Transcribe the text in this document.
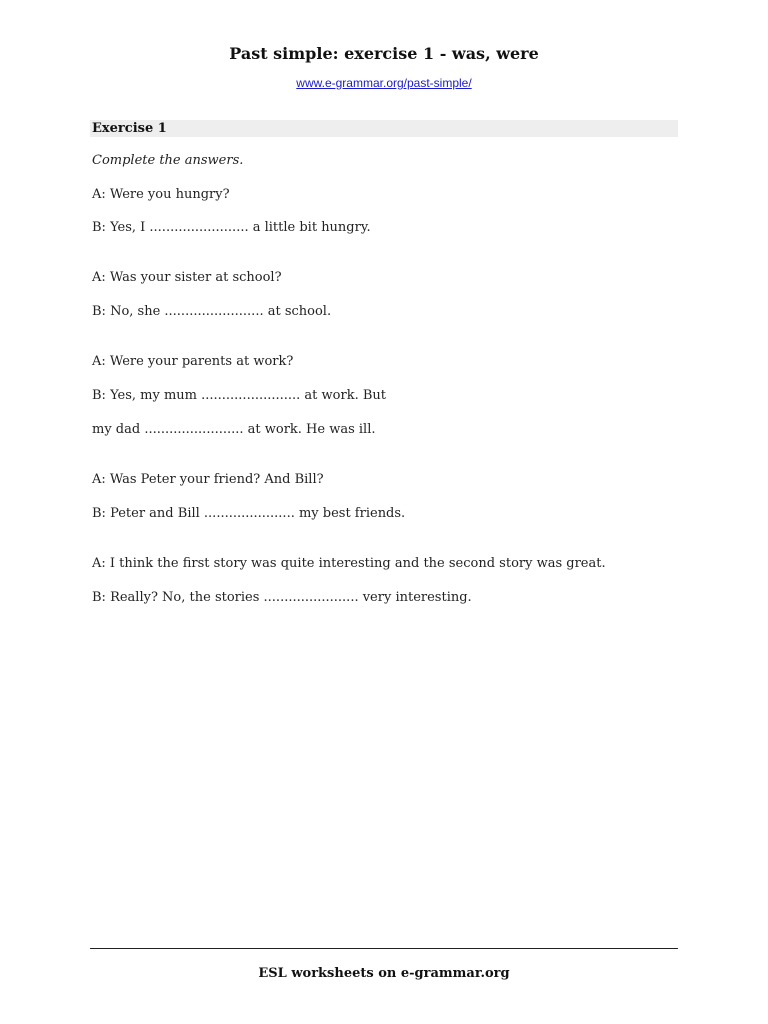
Past simple: exercise 1 - was, were
www.e-grammar.org/past-simple/
Exercise 1
Complete the answers.
A: Were you hungry?
B: Yes, I ........................ a little bit hungry.
A: Was your sister at school?
B: No, she ........................ at school.
A: Were your parents at work?
B: Yes, my mum ........................ at work. But
my dad ........................ at work. He was ill.
A: Was Peter your friend? And Bill?
B: Peter and Bill ...................... my best friends.
A: I think the first story was quite interesting and the second story was great.
B: Really? No, the stories ....................... very interesting.
ESL worksheets on e-grammar.org
